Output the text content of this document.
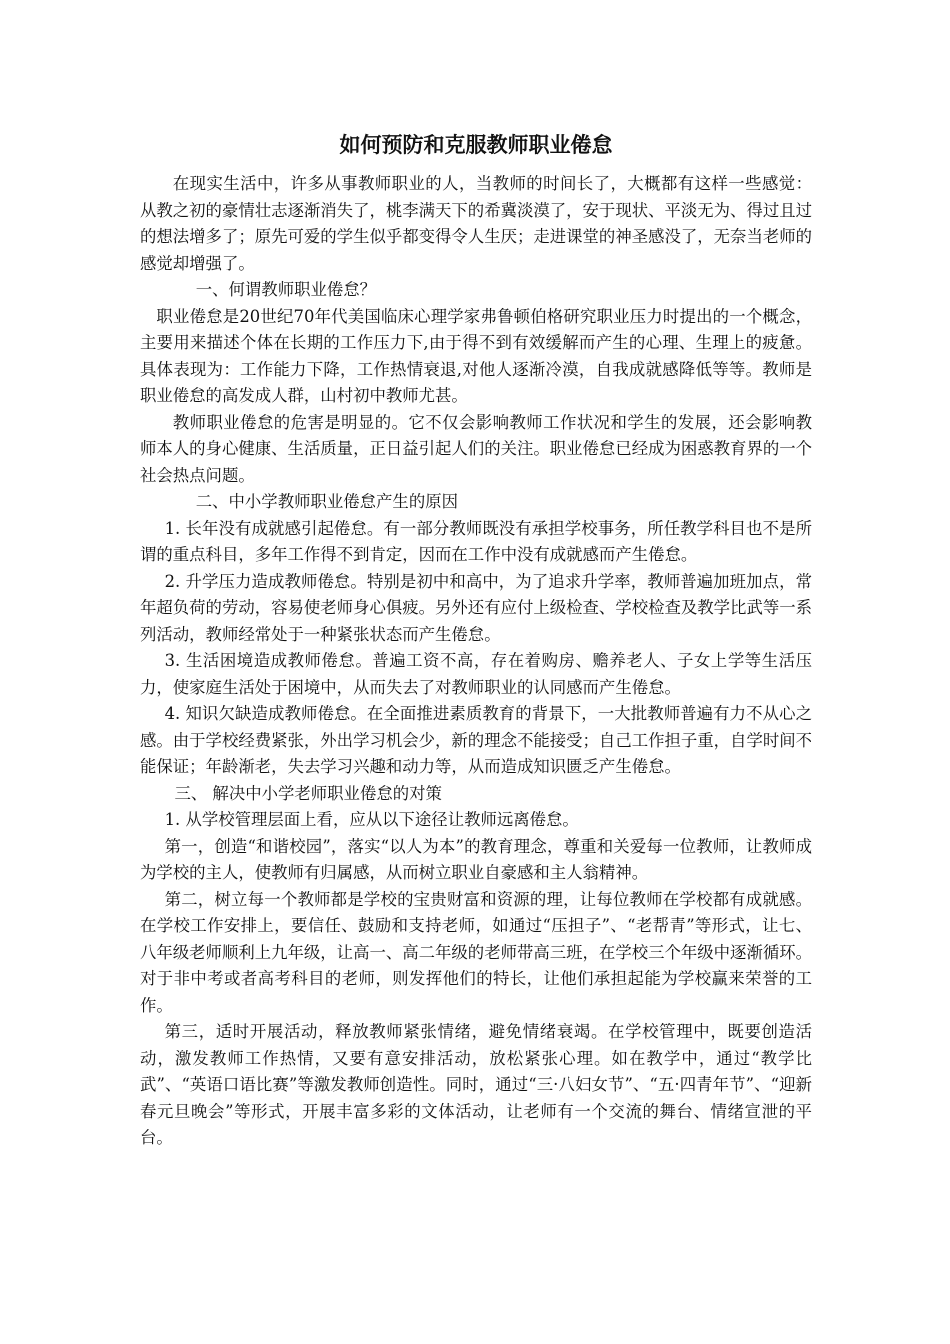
如何预防和克服教师职业倦怠

在现实生活中，许多从事教师职业的人，当教师的时间长了，大概都有这样一些感觉：从教之初的豪情壮志逐渐消失了，桃李满天下的希冀淡漠了，安于现状、平淡无为、得过且过的想法增多了；原先可爱的学生似乎都变得令人生厌；走进课堂的神圣感没了，无奈当老师的感觉却增强了。

一、何谓教师职业倦怠？

职业倦怠是20世纪70年代美国临床心理学家弗鲁顿伯格研究职业压力时提出的一个概念，主要用来描述个体在长期的工作压力下,由于得不到有效缓解而产生的心理、生理上的疲惫。具体表现为：工作能力下降，工作热情衰退,对他人逐渐冷漠，自我成就感降低等等。教师是职业倦怠的高发成人群，山村初中教师尤甚。

教师职业倦怠的危害是明显的。它不仅会影响教师工作状况和学生的发展，还会影响教师本人的身心健康、生活质量，正日益引起人们的关注。职业倦怠已经成为困惑教育界的一个社会热点问题。

二、中小学教师职业倦怠产生的原因

1. 长年没有成就感引起倦怠。有一部分教师既没有承担学校事务，所任教学科目也不是所谓的重点科目，多年工作得不到肯定，因而在工作中没有成就感而产生倦怠。

2. 升学压力造成教师倦怠。特别是初中和高中，为了追求升学率，教师普遍加班加点，常年超负荷的劳动，容易使老师身心俱疲。另外还有应付上级检查、学校检查及教学比武等一系列活动，教师经常处于一种紧张状态而产生倦怠。

3. 生活困境造成教师倦怠。普遍工资不高，存在着购房、赡养老人、子女上学等生活压力，使家庭生活处于困境中，从而失去了对教师职业的认同感而产生倦怠。

4. 知识欠缺造成教师倦怠。在全面推进素质教育的背景下，一大批教师普遍有力不从心之感。由于学校经费紧张，外出学习机会少，新的理念不能接受；自己工作担子重，自学时间不能保证；年龄渐老，失去学习兴趣和动力等，从而造成知识匮乏产生倦怠。

三、 解决中小学老师职业倦怠的对策

1. 从学校管理层面上看，应从以下途径让教师远离倦怠。

第一，创造“和谐校园”，落实“以人为本”的教育理念，尊重和关爱每一位教师，让教师成为学校的主人，使教师有归属感，从而树立职业自豪感和主人翁精神。

第二，树立每一个教师都是学校的宝贵财富和资源的理，让每位教师在学校都有成就感。在学校工作安排上，要信任、鼓励和支持老师，如通过“压担子”、“老帮青”等形式，让七、八年级老师顺利上九年级，让高一、高二年级的老师带高三班，在学校三个年级中逐渐循环。对于非中考或者高考科目的老师，则发挥他们的特长，让他们承担起能为学校赢来荣誉的工作。

第三，适时开展活动，释放教师紧张情绪，避免情绪衰竭。在学校管理中，既要创造活动，激发教师工作热情，又要有意安排活动，放松紧张心理。如在教学中，通过“教学比武”、“英语口语比赛”等激发教师创造性。同时，通过“三·八妇女节”、“五·四青年节”、“迎新春元旦晚会”等形式，开展丰富多彩的文体活动，让老师有一个交流的舞台、情绪宣泄的平台。
